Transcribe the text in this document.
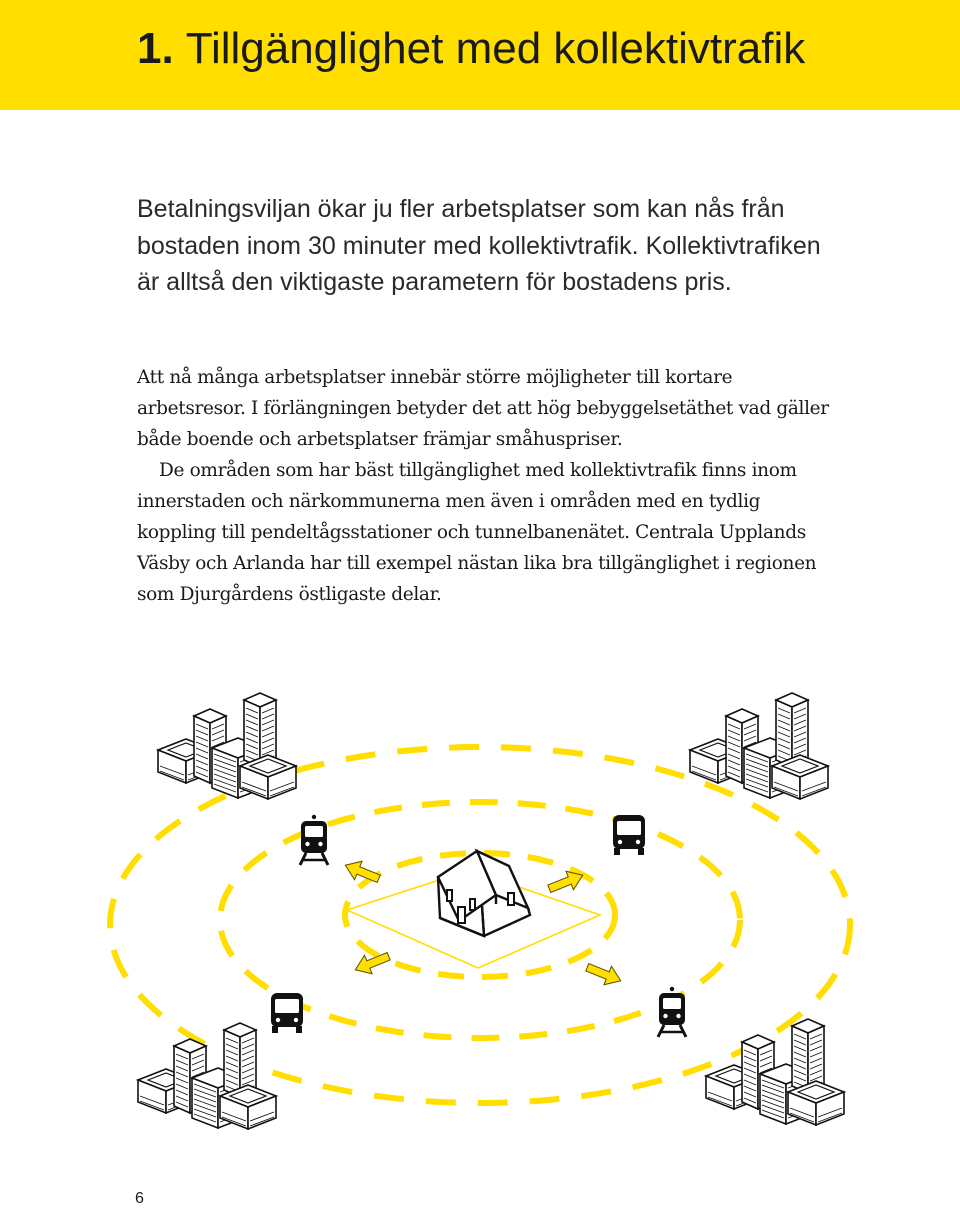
1. Tillgänglighet med kollektivtrafik

Betalningsviljan ökar ju fler arbetsplatser som kan nås från bostaden inom 30 minuter med kollektivtrafik. Kollektivtrafiken är alltså den viktigaste parametern för bostadens pris.

Att nå många arbetsplatser innebär större möjligheter till kortare arbetsresor. I förlängningen betyder det att hög bebyggelsetäthet vad gäller både boende och arbetsplatser främjar småhuspriser.

De områden som har bäst tillgänglighet med kollektivtrafik finns inom innerstaden och närkommunerna men även i områden med en tydlig koppling till pendeltågsstationer och tunnelbanenätet. Centrala Upplands Väsby och Arlanda har till exempel nästan lika bra tillgänglighet i regionen som Djurgårdens östligaste delar.

6
